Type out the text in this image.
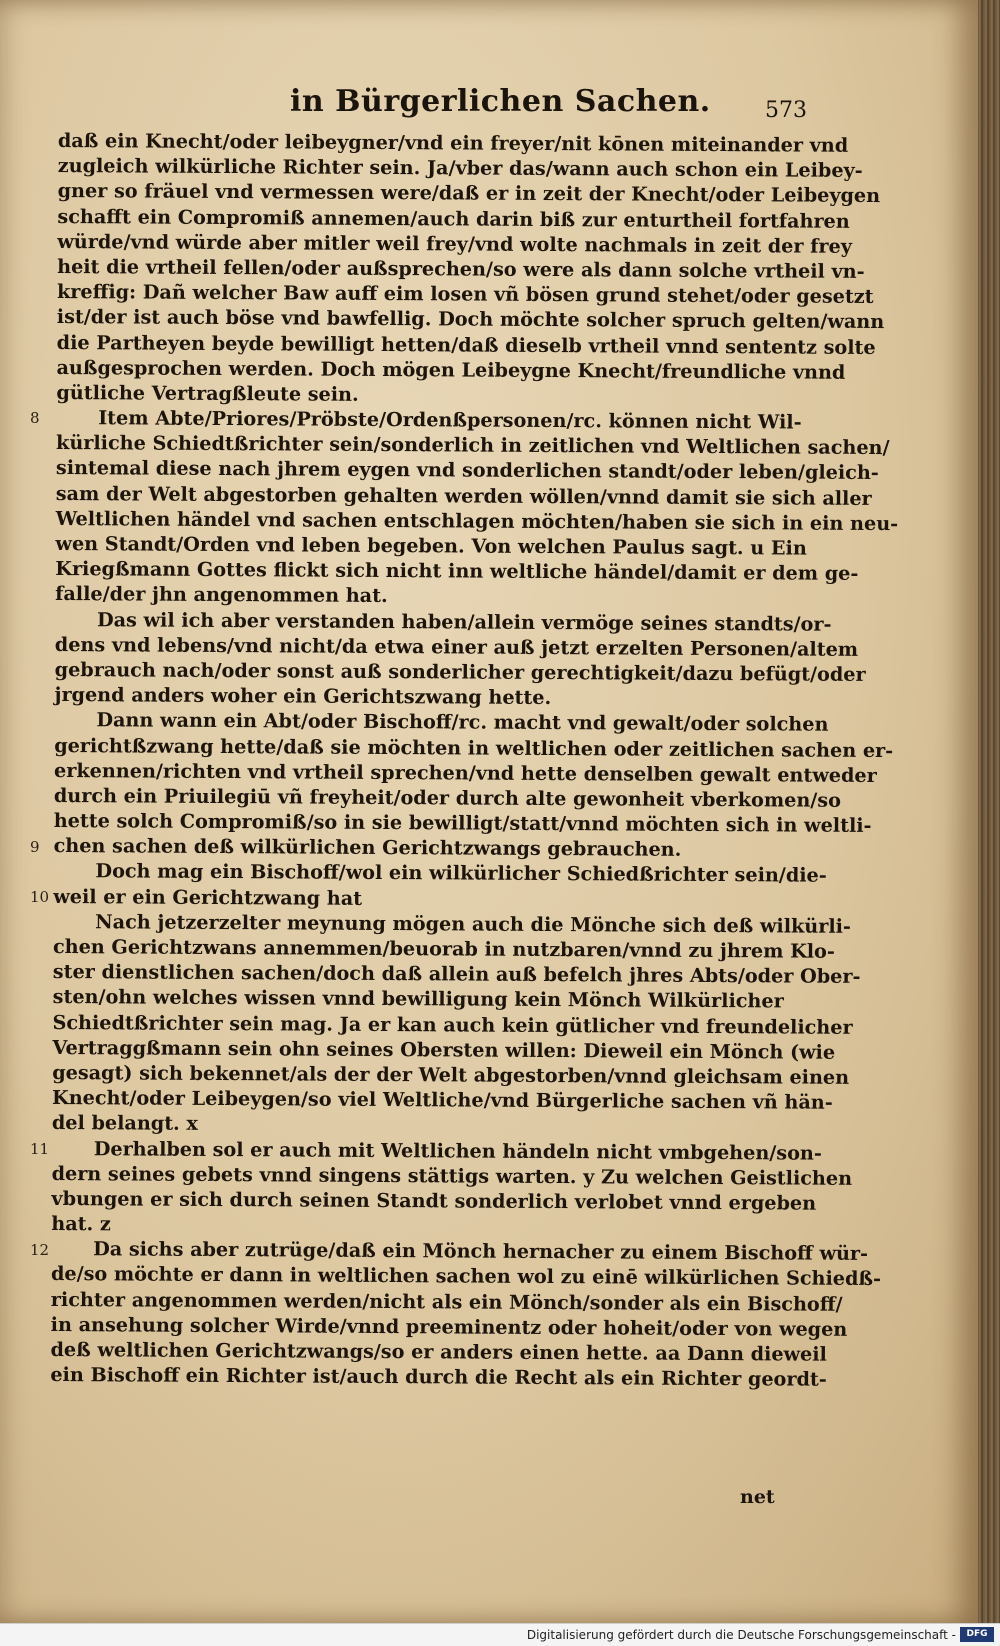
in Bürgerlichen Sachen. 573
daß ein Knecht/oder leibeygner/vnd ein freyer/nit kōnen miteinander vnd
zugleich wilkürliche Richter sein. Ja/vber das/wann auch schon ein Leibey-
gner so fräuel vnd vermessen were/daß er in zeit der Knecht/oder Leibeygen
schafft ein Compromiß annemen/auch darin biß zur enturtheil fortfahren
würde/vnd würde aber mitler weil frey/vnd wolte nachmals in zeit der frey
heit die vrtheil fellen/oder außsprechen/so were als dann solche vrtheil vn-
kreffig: Dañ welcher Baw auff eim losen vñ bösen grund stehet/oder gesetzt
ist/der ist auch böse vnd bawfellig. Doch möchte solcher spruch gelten/wann
die Partheyen beyde bewilligt hetten/daß dieselb vrtheil vnnd sententz solte
außgesprochen werden. Doch mögen Leibeygne Knecht/freundliche vnnd
gütliche Vertragßleute sein.
Item Abte/Priores/Pröbste/Ordenßpersonen/rc. können nicht Wil-
kürliche Schiedtßrichter sein/sonderlich in zeitlichen vnd Weltlichen sachen/
sintemal diese nach jhrem eygen vnd sonderlichen standt/oder leben/gleich-
sam der Welt abgestorben gehalten werden wöllen/vnnd damit sie sich aller
Weltlichen händel vnd sachen entschlagen möchten/haben sie sich in ein neu-
wen Standt/Orden vnd leben begeben. Von welchen Paulus sagt. u Ein
Kriegßmann Gottes flickt sich nicht inn weltliche händel/damit er dem ge-
falle/der jhn angenommen hat.
Das wil ich aber verstanden haben/allein vermöge seines standts/or-
dens vnd lebens/vnd nicht/da etwa einer auß jetzt erzelten Personen/altem
gebrauch nach/oder sonst auß sonderlicher gerechtigkeit/dazu befügt/oder
jrgend anders woher ein Gerichtszwang hette.
Dann wann ein Abt/oder Bischoff/rc. macht vnd gewalt/oder solchen
gerichtßzwang hette/daß sie möchten in weltlichen oder zeitlichen sachen er-
erkennen/richten vnd vrtheil sprechen/vnd hette denselben gewalt entweder
durch ein Priuilegiū vñ freyheit/oder durch alte gewonheit vberkomen/so
hette solch Compromiß/so in sie bewilligt/statt/vnnd möchten sich in weltli-
chen sachen deß wilkürlichen Gerichtzwangs gebrauchen.
Doch mag ein Bischoff/wol ein wilkürlicher Schiedßrichter sein/die-
weil er ein Gerichtzwang hat
Nach jetzerzelter meynung mögen auch die Mönche sich deß wilkürli-
chen Gerichtzwans annemmen/beuorab in nutzbaren/vnnd zu jhrem Klo-
ster dienstlichen sachen/doch daß allein auß befelch jhres Abts/oder Ober-
sten/ohn welches wissen vnnd bewilligung kein Mönch Wilkürlicher
Schiedtßrichter sein mag. Ja er kan auch kein gütlicher vnd freundelicher
Vertraggßmann sein ohn seines Obersten willen: Dieweil ein Mönch (wie
gesagt) sich bekennet/als der der Welt abgestorben/vnnd gleichsam einen
Knecht/oder Leibeygen/so viel Weltliche/vnd Bürgerliche sachen vñ hän-
del belangt. x
Derhalben sol er auch mit Weltlichen händeln nicht vmbgehen/son-
dern seines gebets vnnd singens stättigs warten. y Zu welchen Geistlichen
vbungen er sich durch seinen Standt sonderlich verlobet vnnd ergeben
hat. z
Da sichs aber zutrüge/daß ein Mönch hernacher zu einem Bischoff wür-
de/so möchte er dann in weltlichen sachen wol zu einē wilkürlichen Schiedß-
richter angenommen werden/nicht als ein Mönch/sonder als ein Bischoff/
in ansehung solcher Wirde/vnnd preeminentz oder hoheit/oder von wegen
deß weltlichen Gerichtzwangs/so er anders einen hette. aa Dann dieweil
ein Bischoff ein Richter ist/auch durch die Recht als ein Richter geordt-
8
9
10
11
12
net
Digitalisierung gefördert durch die Deutsche Forschungsgemeinschaft -	DFG
